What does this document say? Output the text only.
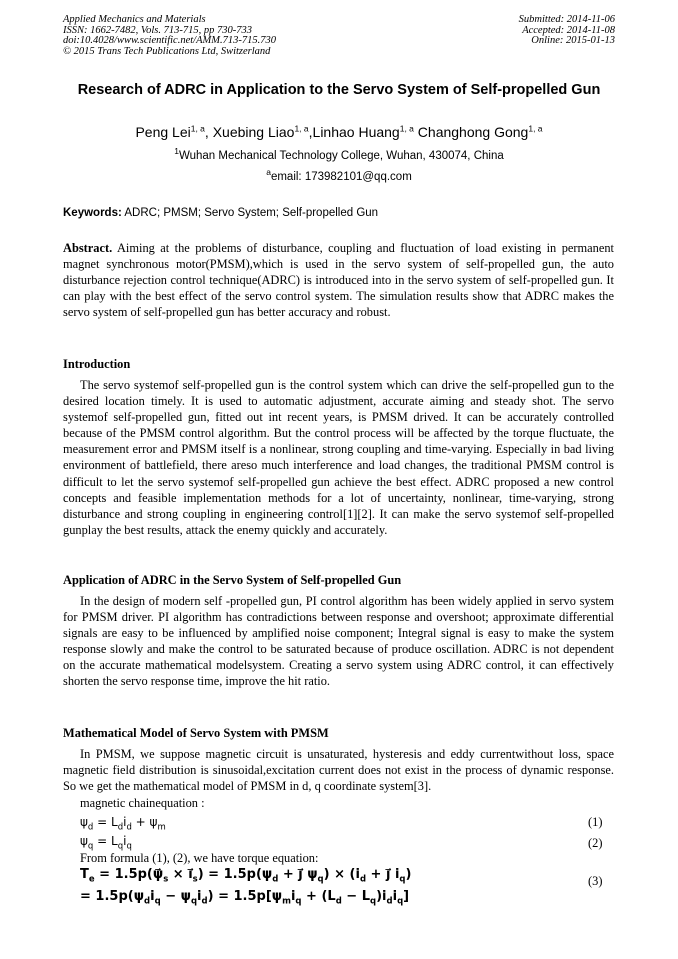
Applied Mechanics and Materials
ISSN: 1662-7482, Vols. 713-715, pp 730-733
doi:10.4028/www.scientific.net/AMM.713-715.730
© 2015 Trans Tech Publications Ltd, Switzerland
Submitted: 2014-11-06
Accepted: 2014-11-08
Online: 2015-01-13
Research of ADRC in Application to the Servo System of Self-propelled Gun
Peng Lei$^{1, a}$, Xuebing Liao$^{1, a}$,Linhao Huang$^{1, a}$ Changhong Gong$^{1, a}$
$^1$Wuhan Mechanical Technology College, Wuhan, 430074, China
$^a$email: 173982101@qq.com
Keywords: ADRC; PMSM; Servo System; Self-propelled Gun
Abstract. Aiming at the problems of disturbance, coupling and fluctuation of load existing in permanent magnet synchronous motor(PMSM),which is used in the servo system of self-propelled gun, the auto disturbance rejection control technique(ADRC) is introduced into in the servo system of self-propelled gun. It can play with the best effect of the servo control system. The simulation results show that ADRC makes the servo system of self-propelled gun has better accuracy and robust.
Introduction
The servo systemof self-propelled gun is the control system which can drive the self-propelled gun to the desired location timely. It is used to automatic adjustment, accurate aiming and steady shot. The servo systemof self-propelled gun, fitted out int recent years, is PMSM drived. It can be accurately controlled because of the PMSM control algorithm. But the control process will be affected by the torque fluctuate, the measurement error and PMSM itself is a nonlinear, strong coupling and time-varying. Especially in bad living environment of battlefield, there areso much interference and load changes, the traditional PMSM control is difficult to let the servo systemof self-propelled gun achieve the best effect. ADRC proposed a new control concepts and feasible implementation methods for a lot of uncertainty, nonlinear, time-varying, strong disturbance and strong coupling in engineering control[1][2]. It can make the servo systemof self-propelled gunplay the best results, attack the enemy quickly and accurately.
Application of ADRC in the Servo System of Self-propelled Gun
In the design of modern self -propelled gun, PI control algorithm has been widely applied in servo system for PMSM driver. PI algorithm has contradictions between response and overshoot; approximate differential signals are easy to be influenced by amplified noise component; Integral signal is easy to make the system response slowly and make the control to be saturated because of produce oscillation. ADRC is not dependent on the accurate mathematical modelsystem. Creating a servo system using ADRC control, it can effectively shorten the servo response time, improve the hit ratio.
Mathematical Model of Servo System with PMSM
In PMSM, we suppose magnetic circuit is unsaturated, hysteresis and eddy currentwithout loss, space magnetic field distribution is sinusoidal,excitation current does not exist in the process of dynamic response. So we get the mathematical model of PMSM in d, q coordinate system[3].
magnetic chainequation :
$\psi_d = L_di_d + \psi_m$	(1)
$\psi_q = L_qi_q$	(2)
From formula (1), (2), we have torque equation:
$T_e$ = $1.5p(\psi⃗_s$ × $i⃗_s) = 1.5p(\psi_d$ + j⃗ $\psi_q) \times (i_d$ + j⃗ $i_q$)	(3)
= $1.5p(\psi_di_q - \psi_qi_d) = 1.5p[\psi_mi_q + (L_d - L_q)i_di_q]$
